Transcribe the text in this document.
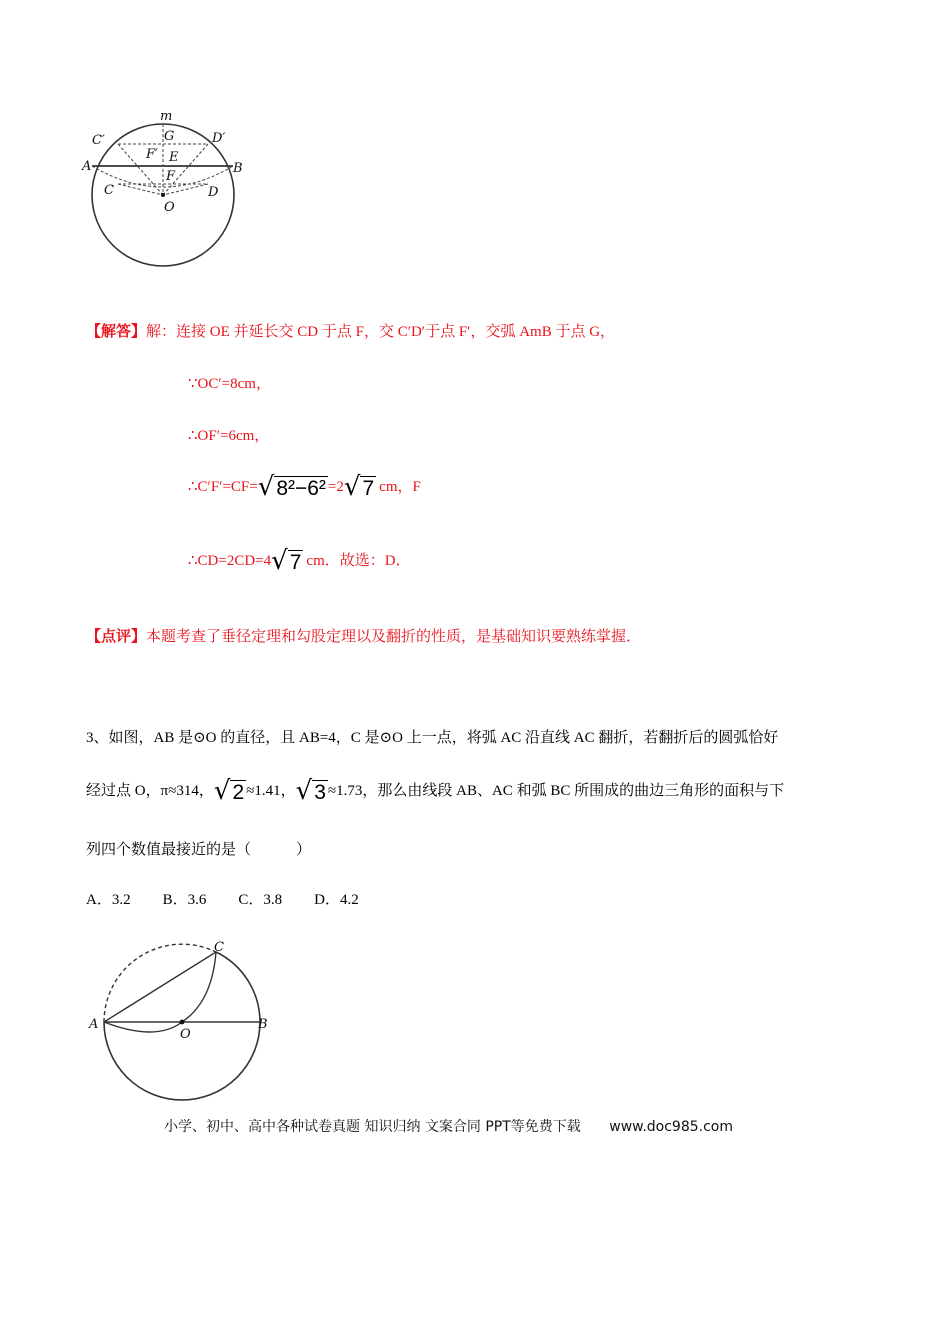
m
G
C′	D′
F′ E
A	B
F
C	D
O
【解答】解：连接 OE 并延长交 CD 于点 F，交 C′D′于点 F′，交弧 AmB 于点 G，
∵OC′=8cm，
∴OF′=6cm，
∴C′F′=CF= √8²−6² =2 √7 cm，F
∴CD=2CD=4 √7 cm．故选：D．
【点评】本题考查了垂径定理和勾股定理以及翻折的性质，是基础知识要熟练掌握．
3、如图，AB 是⊙O 的直径，且 AB=4，C 是⊙O 上一点，将弧 AC 沿直线 AC 翻折，若翻折后的圆弧恰好
经过点 O，π≈314， √2 ≈1.41， √3 ≈1.73，那么由线段 AB、AC 和弧 BC 所围成的曲边三角形的面积与下
列四个数值最接近的是（　　　）
A．3.2 B．3.6 C．3.8 D．4.2
C
A
O
B
小学、初中、高中各种试卷真题 知识归纳 文案合同 PPT等免费下载 www.doc985.com
